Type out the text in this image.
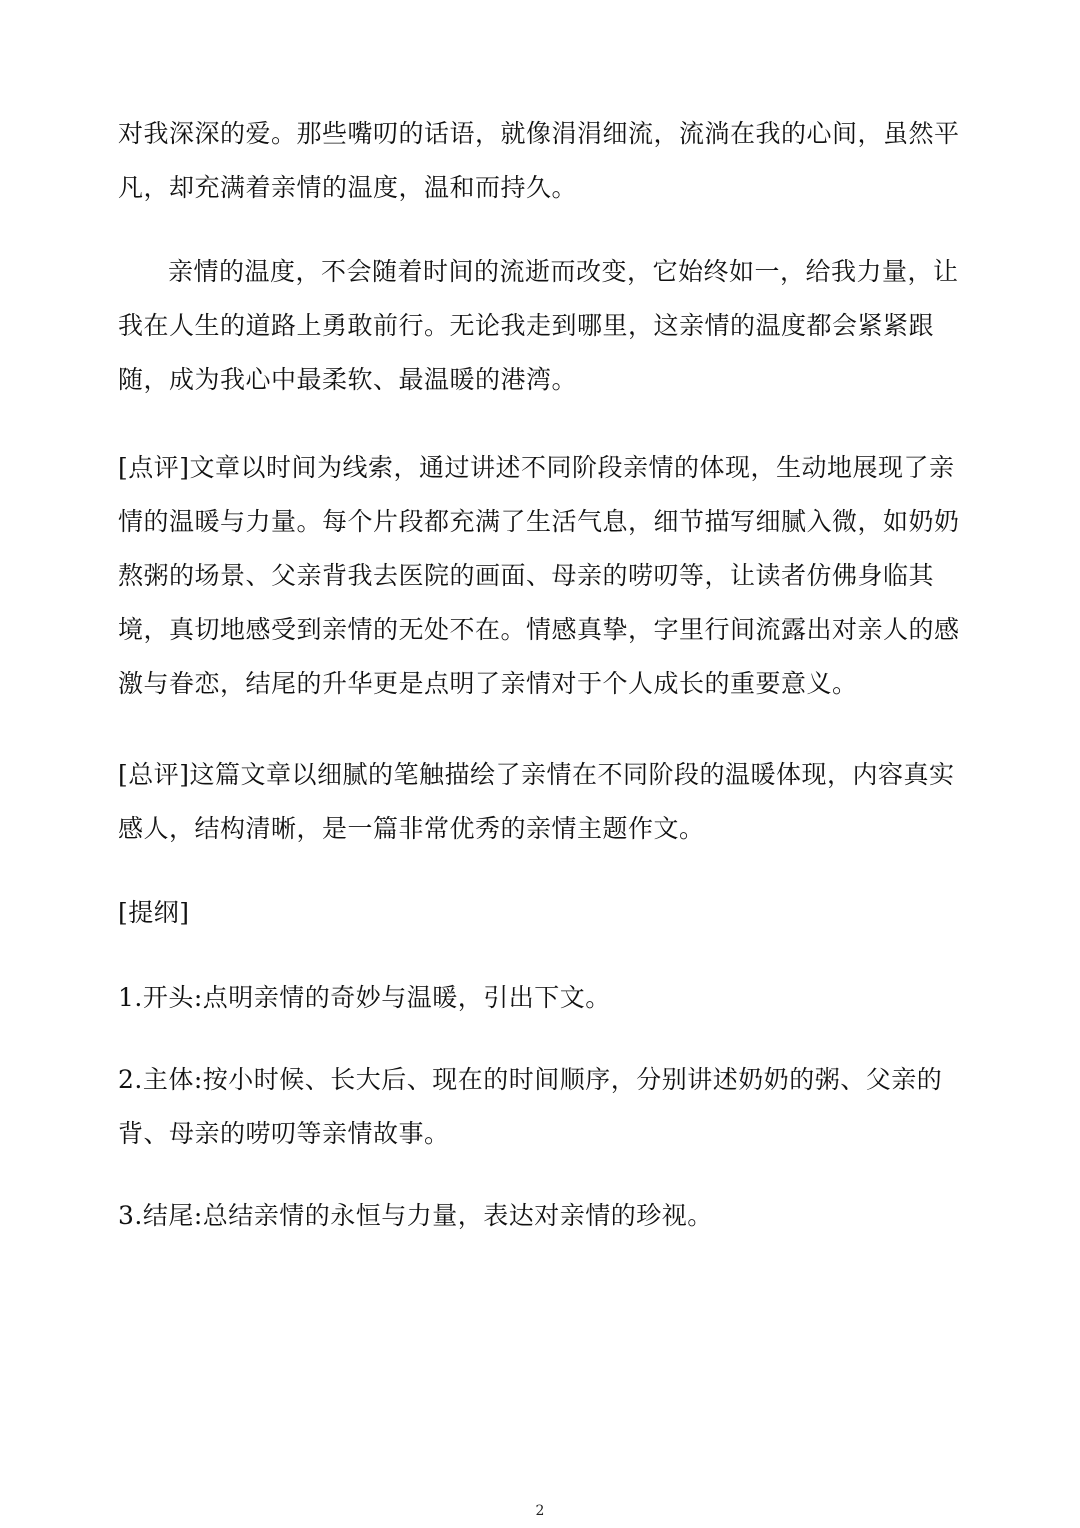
对我深深的爱。那些嘴叨的话语，就像涓涓细流，流淌在我的心间，虽然平凡，却充满着亲情的温度，温和而持久。

亲情的温度，不会随着时间的流逝而改变，它始终如一，给我力量，让我在人生的道路上勇敢前行。无论我走到哪里，这亲情的温度都会紧紧跟随，成为我心中最柔软、最温暖的港湾。

[点评]文章以时间为线索，通过讲述不同阶段亲情的体现，生动地展现了亲情的温暖与力量。每个片段都充满了生活气息，细节描写细腻入微，如奶奶熬粥的场景、父亲背我去医院的画面、母亲的唠叨等，让读者仿佛身临其境，真切地感受到亲情的无处不在。情感真挚，字里行间流露出对亲人的感激与眷恋，结尾的升华更是点明了亲情对于个人成长的重要意义。

[总评]这篇文章以细腻的笔触描绘了亲情在不同阶段的温暖体现，内容真实感人，结构清晰，是一篇非常优秀的亲情主题作文。

[提纲]

1.开头:点明亲情的奇妙与温暖，引出下文。

2.主体:按小时候、长大后、现在的时间顺序，分别讲述奶奶的粥、父亲的背、母亲的唠叨等亲情故事。

3.结尾:总结亲情的永恒与力量，表达对亲情的珍视。

2
